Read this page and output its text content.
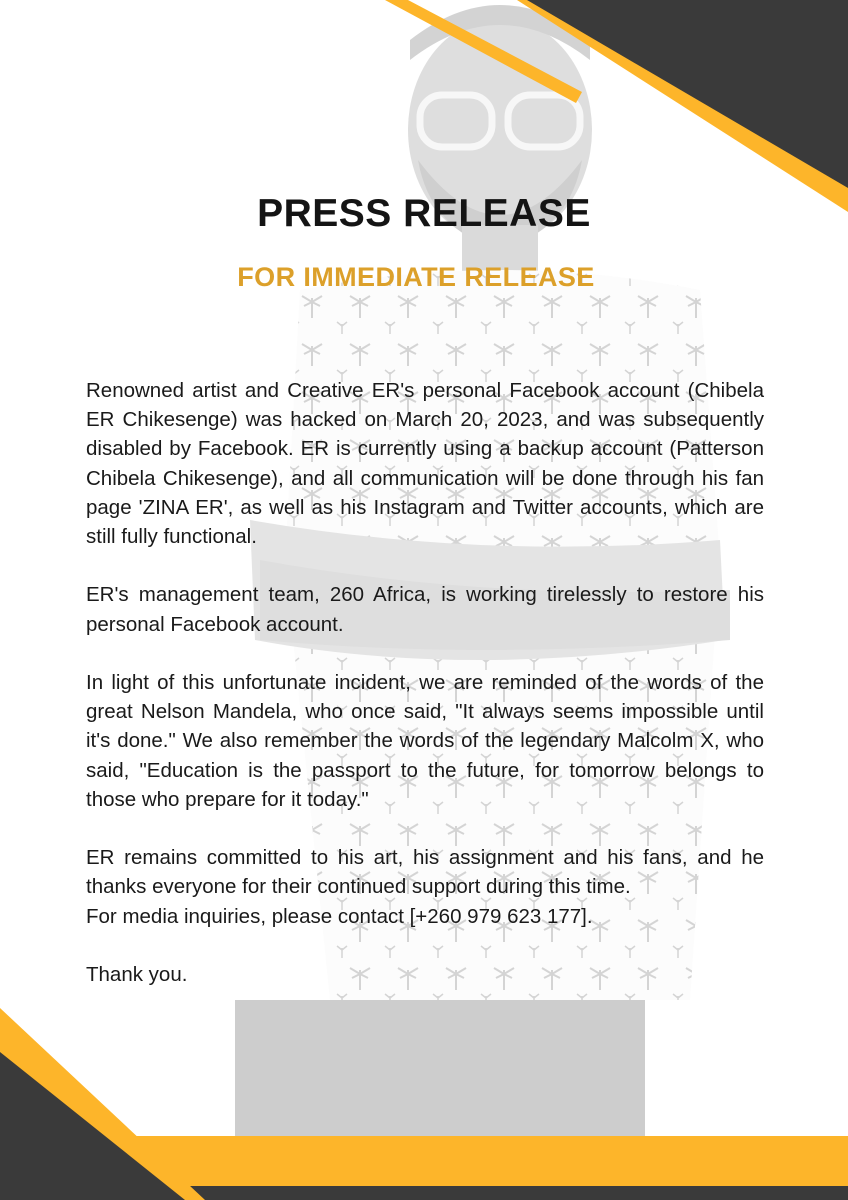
PRESS RELEASE
FOR IMMEDIATE RELEASE

Renowned artist and Creative ER's personal Facebook account (Chibela ER Chikesenge) was hacked on March 20, 2023, and was subsequently disabled by Facebook. ER is currently using a backup account (Patterson Chibela Chikesenge), and all communication will be done through his fan page 'ZINA ER', as well as his Instagram and Twitter accounts, which are still fully functional.

ER's management team, 260 Africa, is working tirelessly to restore his personal Facebook account.

In light of this unfortunate incident, we are reminded of the words of the great Nelson Mandela, who once said, "It always seems impossible until it's done." We also remember the words of the legendary Malcolm X, who said, "Education is the passport to the future, for tomorrow belongs to those who prepare for it today."

ER remains committed to his art, his assignment and his fans, and he thanks everyone for their continued support during this time.

For media inquiries, please contact [+260 979 623 177].

Thank you.
